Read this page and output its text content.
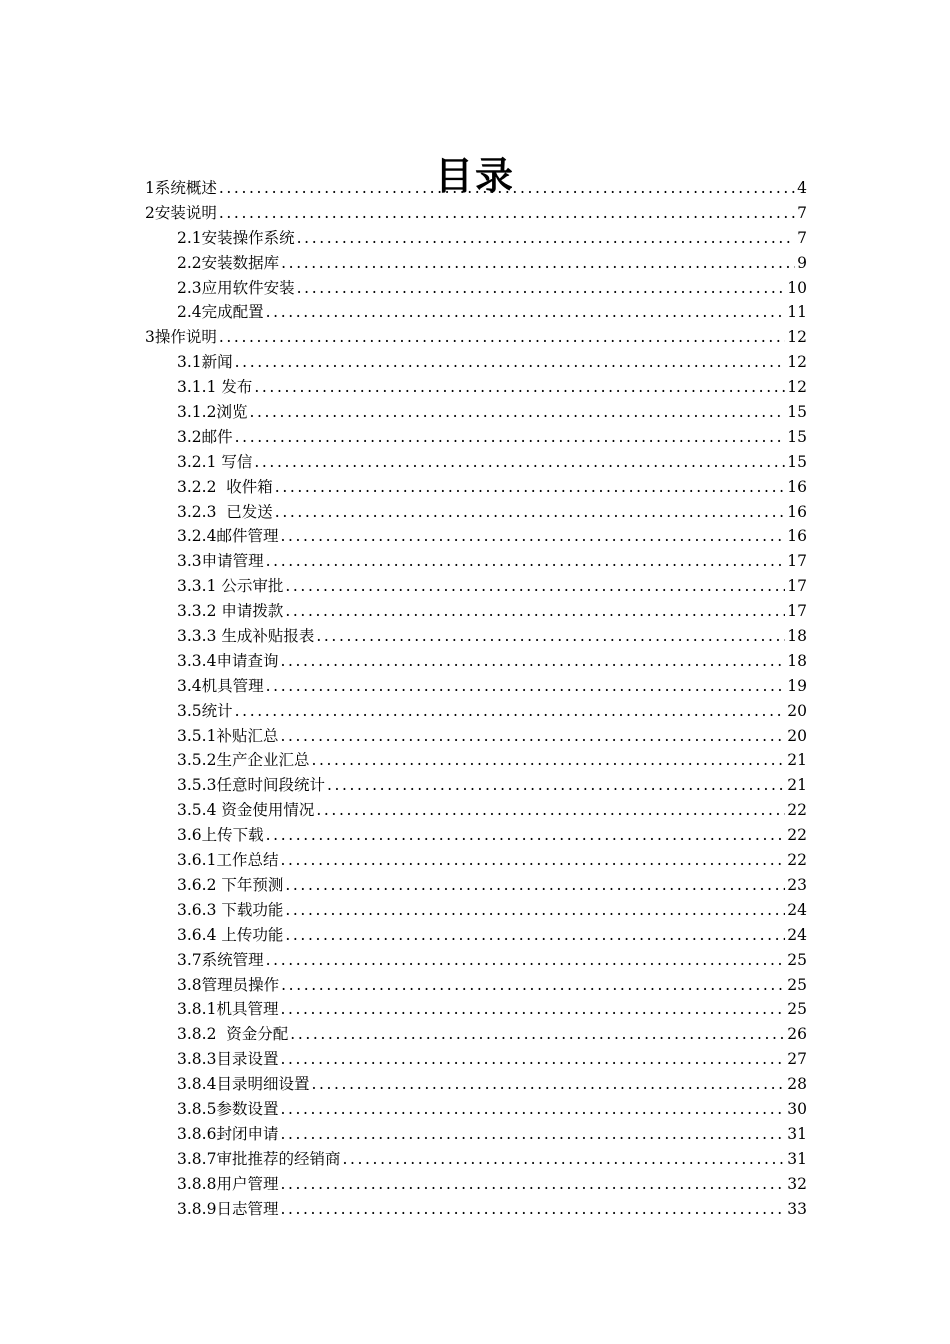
目录
1系统概述 .....	4
2安装说明 .....	7
2.1安装操作系统 .....	7
2.2安装数据库 .....	9
2.3应用软件安装 .....	10
2.4完成配置 .....	11
3操作说明 .....	12
3.1新闻 .....	12
3.1.1 发布 .....	12
3.1.2浏览 .....	15
3.2邮件 .....	15
3.2.1 写信 .....	15
3.2.2  收件箱 .....	16
3.2.3  已发送 .....	16
3.2.4邮件管理 .....	16
3.3申请管理 .....	17
3.3.1 公示审批 .....	17
3.3.2 申请拨款 .....	17
3.3.3 生成补贴报表 .....	18
3.3.4申请查询 .....	18
3.4机具管理 .....	19
3.5统计 .....	20
3.5.1补贴汇总 .....	20
3.5.2生产企业汇总 .....	21
3.5.3任意时间段统计 .....	21
3.5.4 资金使用情况 .....	22
3.6上传下载 .....	22
3.6.1工作总结 .....	22
3.6.2 下年预测 .....	23
3.6.3 下载功能 .....	24
3.6.4 上传功能 .....	24
3.7系统管理 .....	25
3.8管理员操作 .....	25
3.8.1机具管理 .....	25
3.8.2  资金分配 .....	26
3.8.3目录设置 .....	27
3.8.4目录明细设置 .....	28
3.8.5参数设置 .....	30
3.8.6封闭申请 .....	31
3.8.7审批推荐的经销商 .....	31
3.8.8用户管理 .....	32
3.8.9日志管理 .....	33
